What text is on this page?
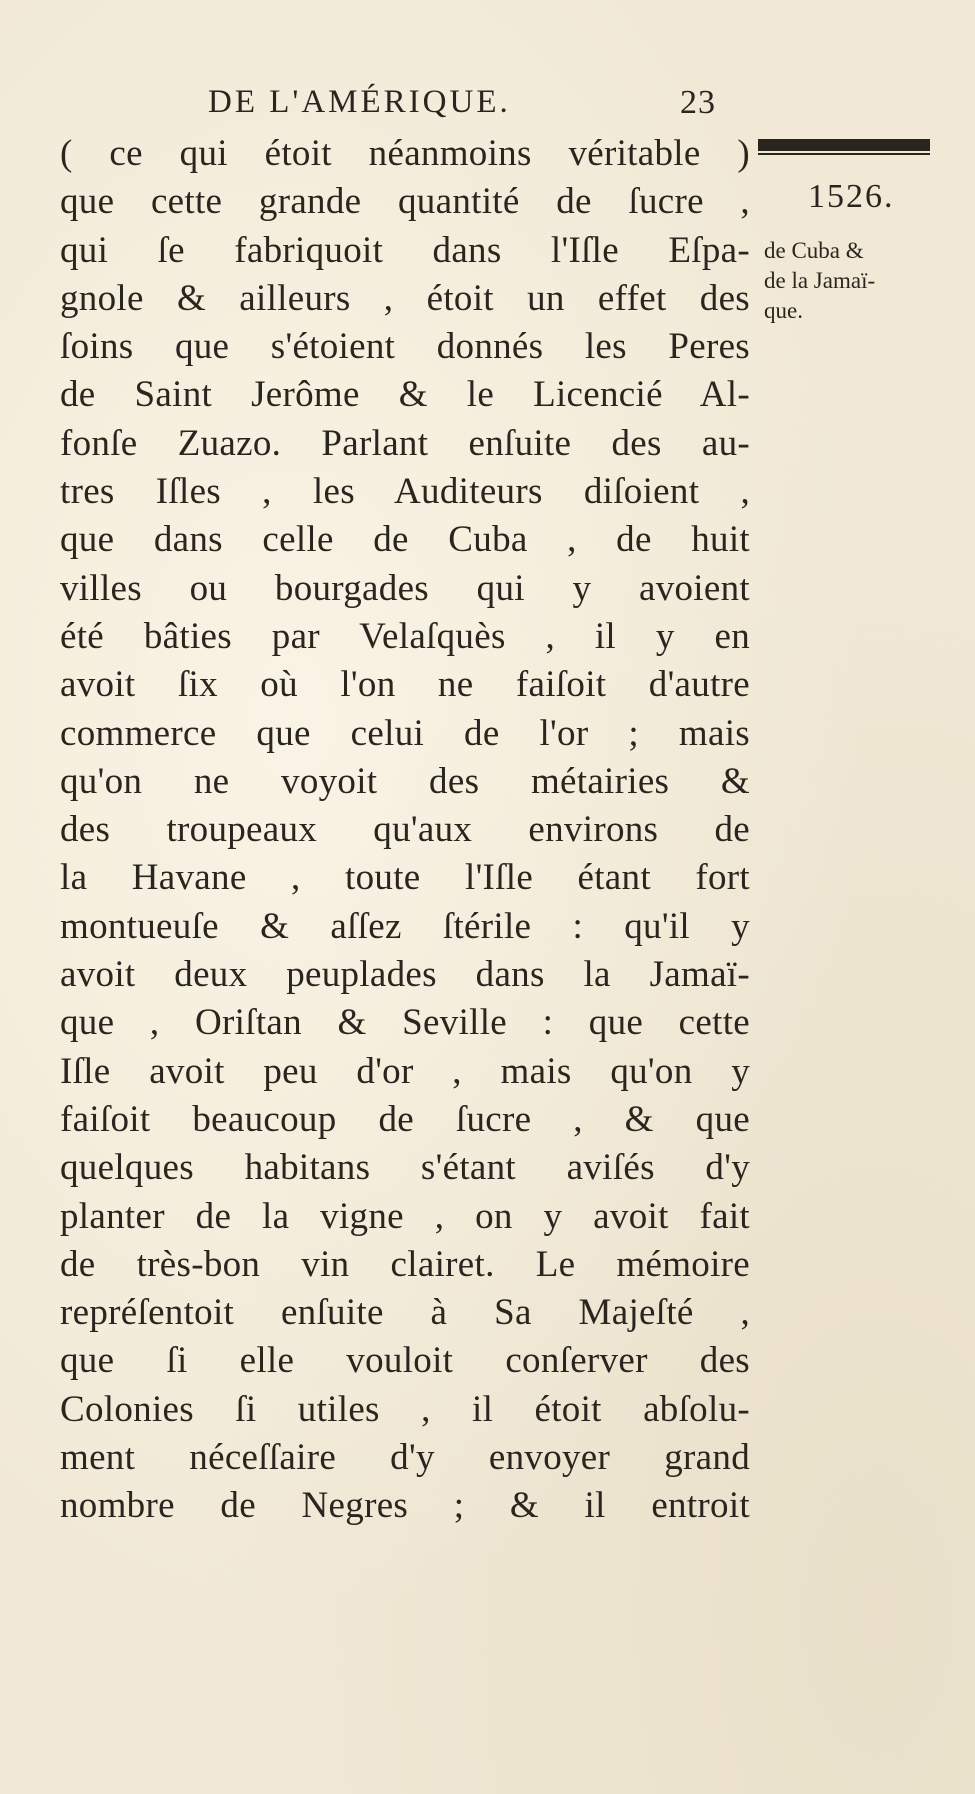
DE L'AMÉRIQUE.	23
1526.
de Cuba &
de la Jamaï-
que.
( ce qui étoit néanmoins véritable )
que cette grande quantité de ſucre ,
qui ſe fabriquoit dans l'Iſle Eſpa-
gnole & ailleurs , étoit un effet des
ſoins que s'étoient donnés les Peres
de Saint Jerôme & le Licencié Al-
fonſe Zuazo. Parlant enſuite des au-
tres Iſles , les Auditeurs diſoient ,
que dans celle de Cuba , de huit
villes ou bourgades qui y avoient
été bâties par Velaſquès , il y en
avoit ſix où l'on ne faiſoit d'autre
commerce que celui de l'or ; mais
qu'on ne voyoit des métairies &
des troupeaux qu'aux environs de
la Havane , toute l'Iſle étant fort
montueuſe & aſſez ſtérile : qu'il y
avoit deux peuplades dans la Jamaï-
que , Oriſtan & Seville : que cette
Iſle avoit peu d'or , mais qu'on y
faiſoit beaucoup de ſucre , & que
quelques habitans s'étant aviſés d'y
planter de la vigne , on y avoit fait
de très-bon vin clairet. Le mémoire
repréſentoit enſuite à Sa Majeſté ,
que ſi elle vouloit conſerver des
Colonies ſi utiles , il étoit abſolu-
ment néceſſaire d'y envoyer grand
nombre de Negres ; & il entroit
